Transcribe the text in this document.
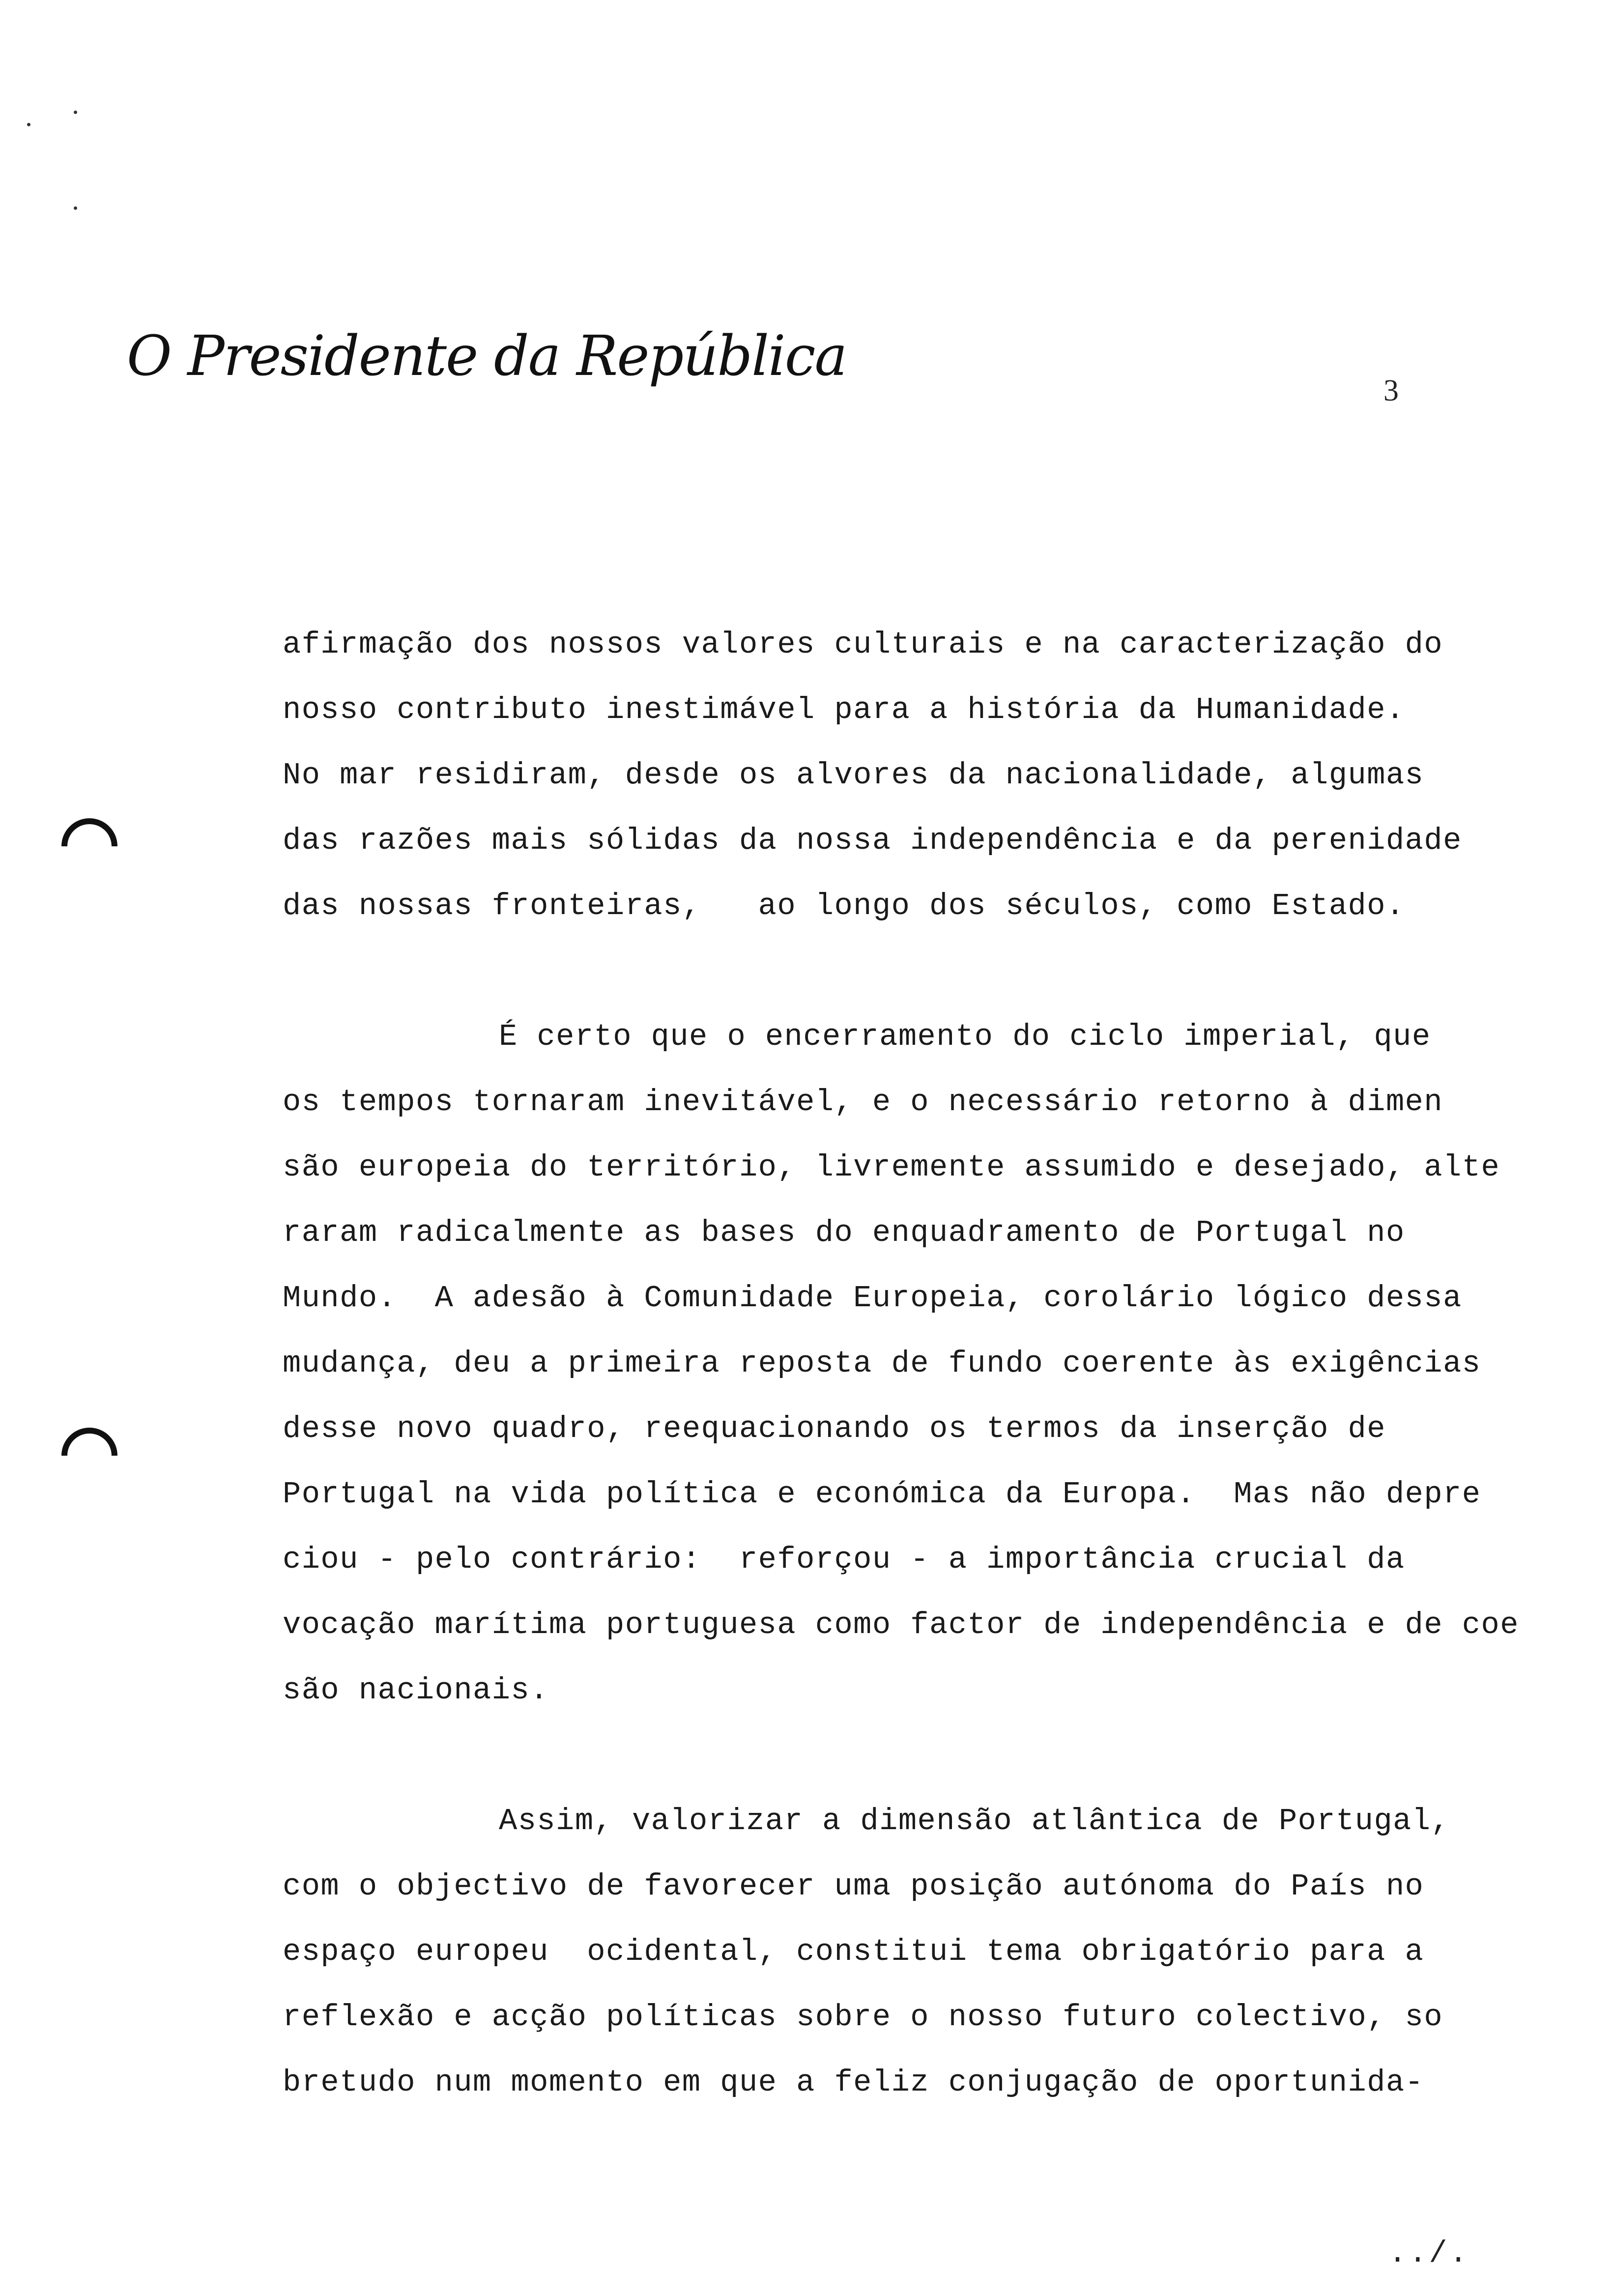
O Presidente da República
3
afirmação dos nossos valores culturais e na caracterização do
nosso contributo inestimável para a história da Humanidade.
No mar residiram, desde os alvores da nacionalidade, algumas
das razões mais sólidas da nossa independência e da perenidade
das nossas fronteiras,   ao longo dos séculos, como Estado.
É certo que o encerramento do ciclo imperial, que
os tempos tornaram inevitável, e o necessário retorno à dimen
são europeia do território, livremente assumido e desejado, alte
raram radicalmente as bases do enquadramento de Portugal no
Mundo.  A adesão à Comunidade Europeia, corolário lógico dessa
mudança, deu a primeira reposta de fundo coerente às exigências
desse novo quadro, reequacionando os termos da inserção de
Portugal na vida política e económica da Europa.  Mas não depre
ciou - pelo contrário:  reforçou - a importância crucial da
vocação marítima portuguesa como factor de independência e de coe
são nacionais.
Assim, valorizar a dimensão atlântica de Portugal,
com o objectivo de favorecer uma posição autónoma do País no
espaço europeu  ocidental, constitui tema obrigatório para a
reflexão e acção políticas sobre o nosso futuro colectivo, so
bretudo num momento em que a feliz conjugação de oportunida-
../.
